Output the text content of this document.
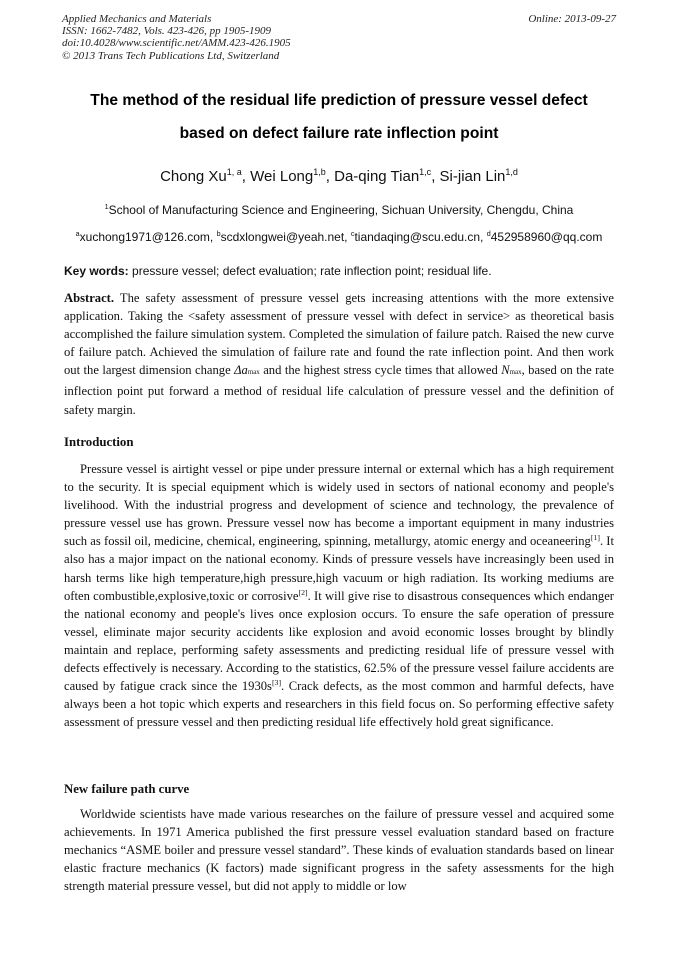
Applied Mechanics and Materials
ISSN: 1662-7482, Vols. 423-426, pp 1905-1909
doi:10.4028/www.scientific.net/AMM.423-426.1905
© 2013 Trans Tech Publications Ltd, Switzerland
Online: 2013-09-27
The method of the residual life prediction of pressure vessel defect
based on defect failure rate inflection point
Chong Xu$^{1, a}$, Wei Long$^{1,b}$, Da-qing Tian$^{1,c}$, Si-jian Lin$^{1,d}$
$^1$School of Manufacturing Science and Engineering, Sichuan University, Chengdu, China
$^a$xuchong1971@126.com, $^b$scdxlongwei@yeah.net, $^c$tiandaqing@scu.edu.cn, $^d$452958960@qq.com
Key words: pressure vessel; defect evaluation; rate inflection point; residual life.
Abstract. The safety assessment of pressure vessel gets increasing attentions with the more extensive application. Taking the <safety assessment of pressure vessel with defect in service> as theoretical basis accomplished the failure simulation system. Completed the simulation of failure patch. Raised the new curve of failure patch. Achieved the simulation of failure rate and found the rate inflection point. And then work out the largest dimension change Δamax and the highest stress cycle times that allowed Nmax, based on the rate inflection point put forward a method of residual life calculation of pressure vessel and the definition of safety margin.
Introduction
Pressure vessel is airtight vessel or pipe under pressure internal or external which has a high requirement to the security. It is special equipment which is widely used in sectors of national economy and people's livelihood. With the industrial progress and development of science and technology, the prevalence of pressure vessel use has grown. Pressure vessel now has become a important equipment in many industries such as fossil oil, medicine, chemical, engineering, spinning, metallurgy, atomic energy and oceaneering[1]. It also has a major impact on the national economy. Kinds of pressure vessels have increasingly been used in harsh terms like high temperature,high pressure,high vacuum or high radiation. Its working mediums are often combustible,explosive,toxic or corrosive[2]. It will give rise to disastrous consequences which endanger the national economy and people's lives once explosion occurs. To ensure the safe operation of pressure vessel, eliminate major security accidents like explosion and avoid economic losses brought by blindly maintain and replace, performing safety assessments and predicting residual life of pressure vessel with defects effectively is necessary. According to the statistics, 62.5% of the pressure vessel failure accidents are caused by fatigue crack since the 1930s[3]. Crack defects, as the most common and harmful defects, have always been a hot topic which experts and researchers in this field focus on. So performing effective safety assessment of pressure vessel and then predicting residual life effectively hold great significance.
New failure path curve
Worldwide scientists have made various researches on the failure of pressure vessel and acquired some achievements. In 1971 America published the first pressure vessel evaluation standard based on fracture mechanics “ASME boiler and pressure vessel standard”. These kinds of evaluation standards based on linear elastic fracture mechanics (K factors) made significant progress in the safety assessments for the high strength material pressure vessel, but did not apply to middle or low
